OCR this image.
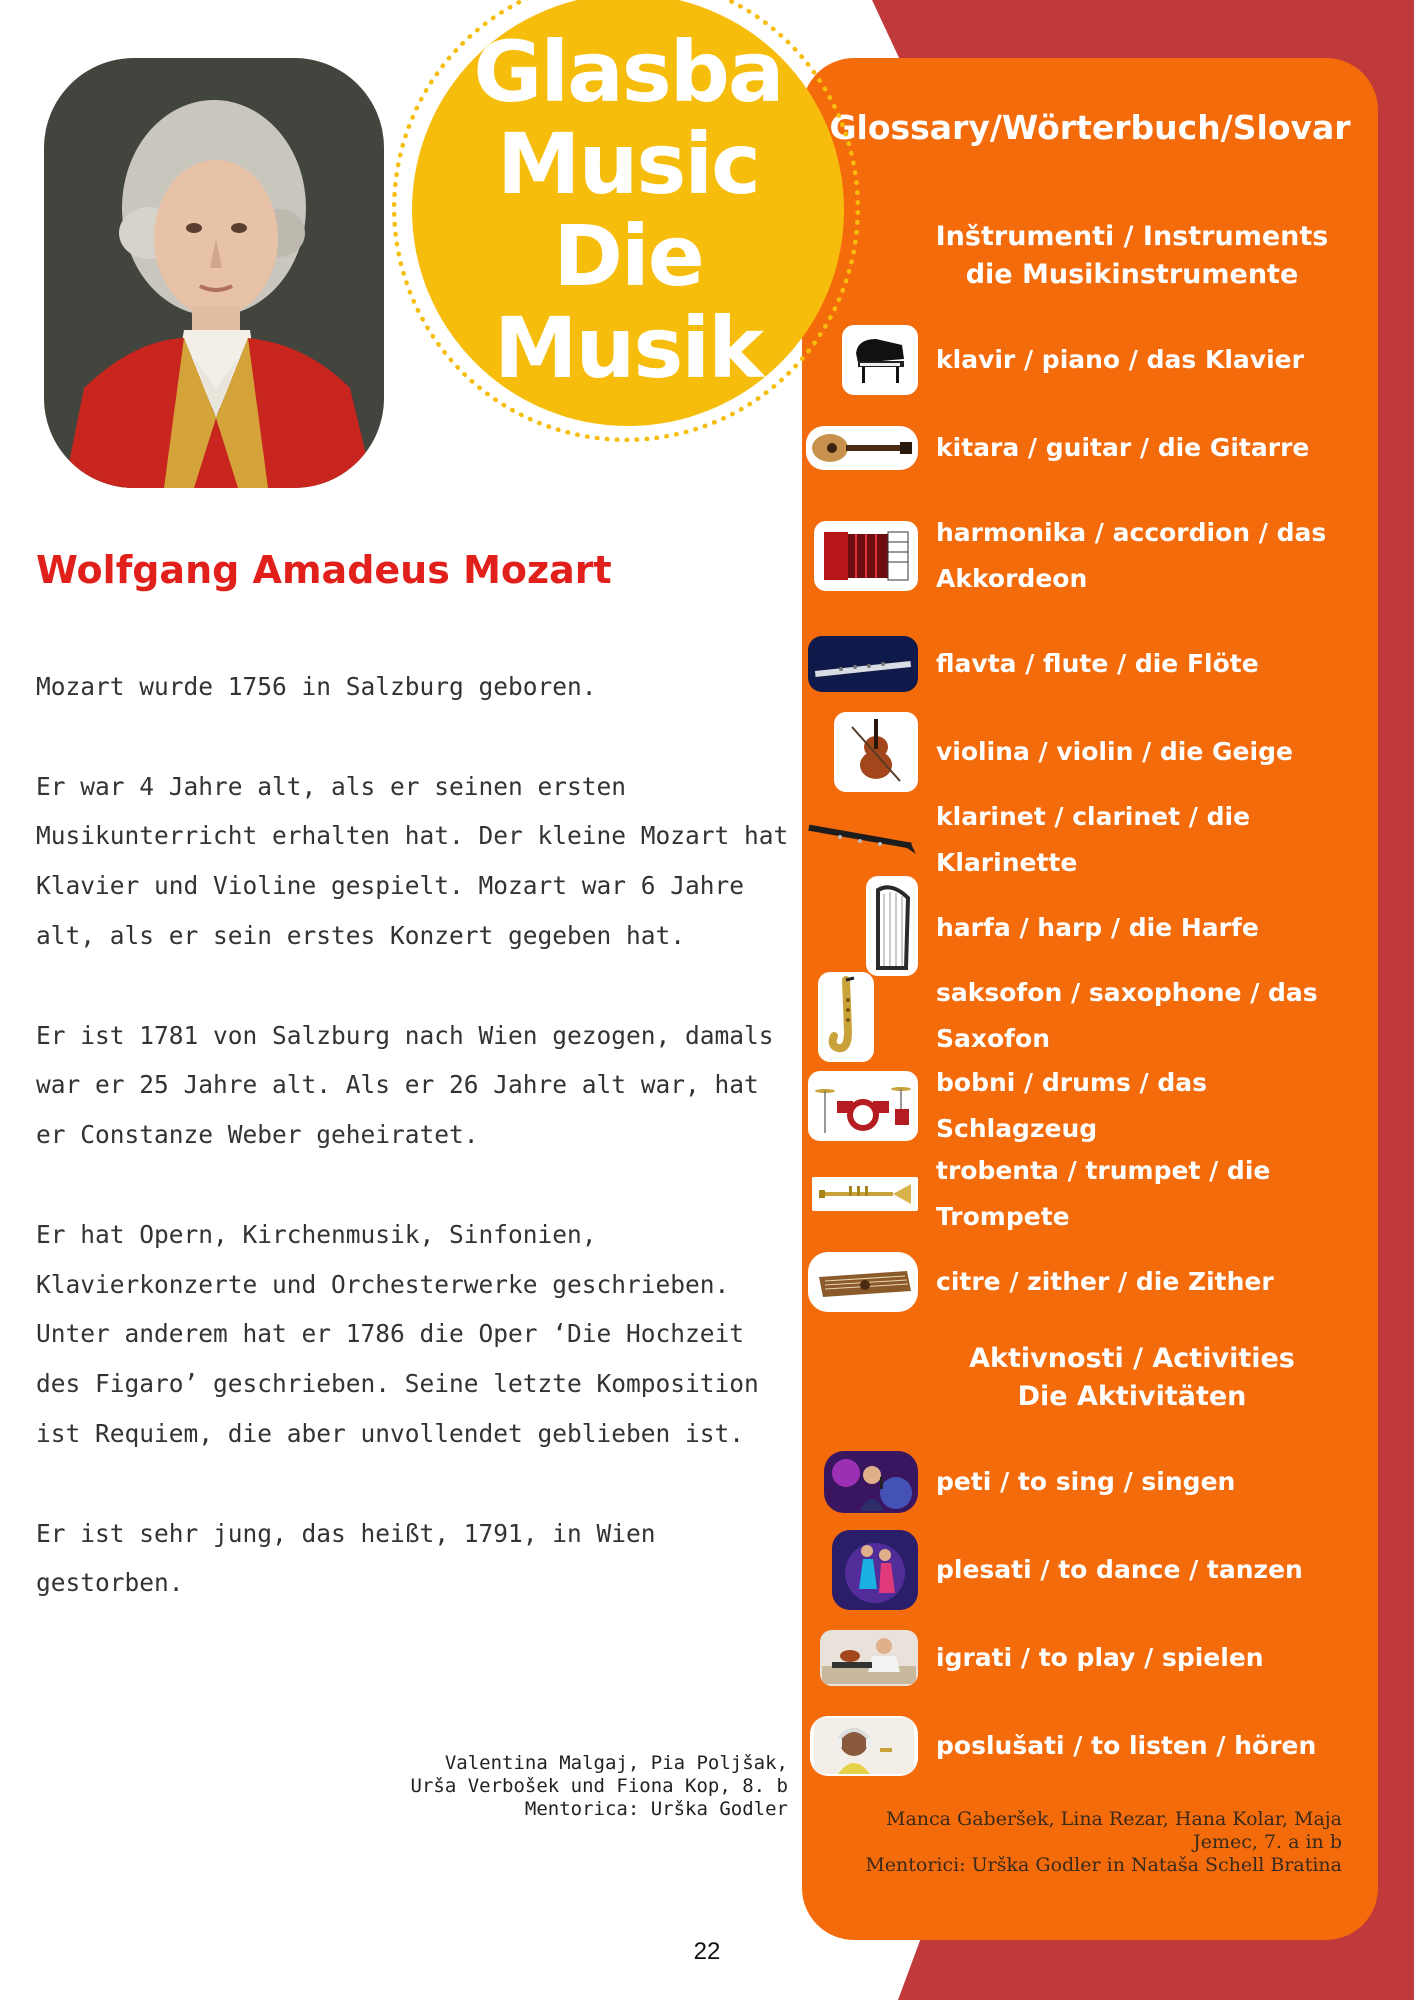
Glasba
Music
Die Musik
Wolfgang Amadeus Mozart

Mozart wurde 1756 in Salzburg geboren.

Er war 4 Jahre alt, als er seinen ersten Musikunterricht erhalten hat. Der kleine Mozart hat Klavier und Violine gespielt. Mozart war 6 Jahre alt, als er sein erstes Konzert gegeben hat.

Er ist 1781 von Salzburg nach Wien gezogen, damals war er 25 Jahre alt. Als er 26 Jahre alt war, hat er Constanze Weber geheiratet.

Er hat Opern, Kirchenmusik, Sinfonien, Klavierkonzerte und Orchesterwerke geschrieben. Unter anderem hat er 1786 die Oper ‘Die Hochzeit des Figaro’ geschrieben. Seine letzte Komposition ist Requiem, die aber unvollendet geblieben ist.

Er ist sehr jung, das heißt, 1791, in Wien gestorben.

Valentina Malgaj, Pia Poljšak,
Urša Verbošek und Fiona Kop, 8. b
Mentorica: Urška Godler
Glossary/Wörterbuch/Slovar
Inštrumenti / Instruments
die Musikinstrumente
klavir / piano / das Klavier
kitara / guitar / die Gitarre
harmonika / accordion / das Akkordeon
flavta / flute / die Flöte
violina / violin / die Geige
klarinet / clarinet / die Klarinette
harfa / harp / die Harfe
saksofon / saxophone / das Saxofon
bobni / drums / das Schlagzeug
trobenta / trumpet / die Trompete
citre / zither / die Zither
Aktivnosti / Activities
Die Aktivitäten
peti / to sing / singen
plesati / to dance / tanzen
igrati / to play / spielen
poslušati / to listen / hören
Manca Gaberšek, Lina Rezar, Hana Kolar, Maja
Jemec, 7. a in b
Mentorici: Urška Godler in Nataša Schell Bratina
22
